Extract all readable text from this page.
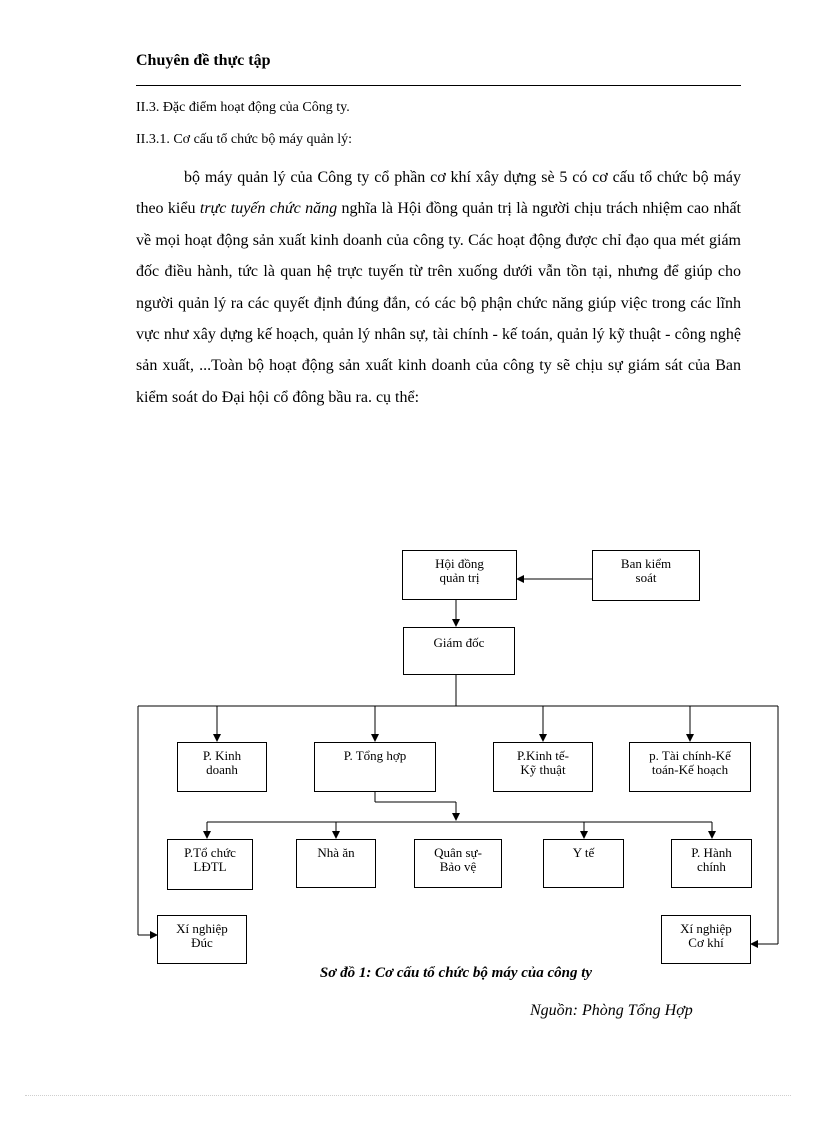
Chuyên đề thực tập
II.3. Đặc điểm hoạt động của Công ty.
II.3.1. Cơ cấu tổ chức bộ máy quản lý:

bộ máy quản lý của Công ty cổ phần cơ khí xây dựng sè 5 có cơ cấu tổ chức bộ máy theo kiểu trực tuyến chức năng nghĩa là Hội đồng quản trị là người chịu trách nhiệm cao nhất về mọi hoạt động sản xuất kinh doanh của công ty. Các hoạt động được chỉ đạo qua mét giám đốc điều hành, tức là quan hệ trực tuyến từ trên xuống dưới vẫn tồn tại, nhưng để giúp cho người quản lý ra các quyết định đúng đắn, có các bộ phận chức năng giúp việc trong các lĩnh vực như xây dựng kế hoạch, quản lý nhân sự, tài chính - kế toán, quản lý kỹ thuật - công nghệ sản xuất, ...Toàn bộ hoạt động sản xuất kinh doanh của công ty sẽ chịu sự giám sát của Ban kiểm soát do Đại hội cổ đông bầu ra. cụ thể:

Hội đồng
quản trị
Ban kiểm
soát
Giám đốc
P. Kinh
doanh
P. Tổng hợp	P.Kinh tế-
Kỹ thuật
p. Tài chính-Kế
toán-Kế hoạch
P.Tổ chức
LĐTL
Nhà ăn	Quân sự-
Bảo vệ
Y tế	P. Hành
chính
Xí nghiệp
Đúc
Xí nghiệp
Cơ khí
Sơ đồ 1: Cơ cấu tổ chức bộ máy của công ty
Nguồn: Phòng Tổng Hợp
